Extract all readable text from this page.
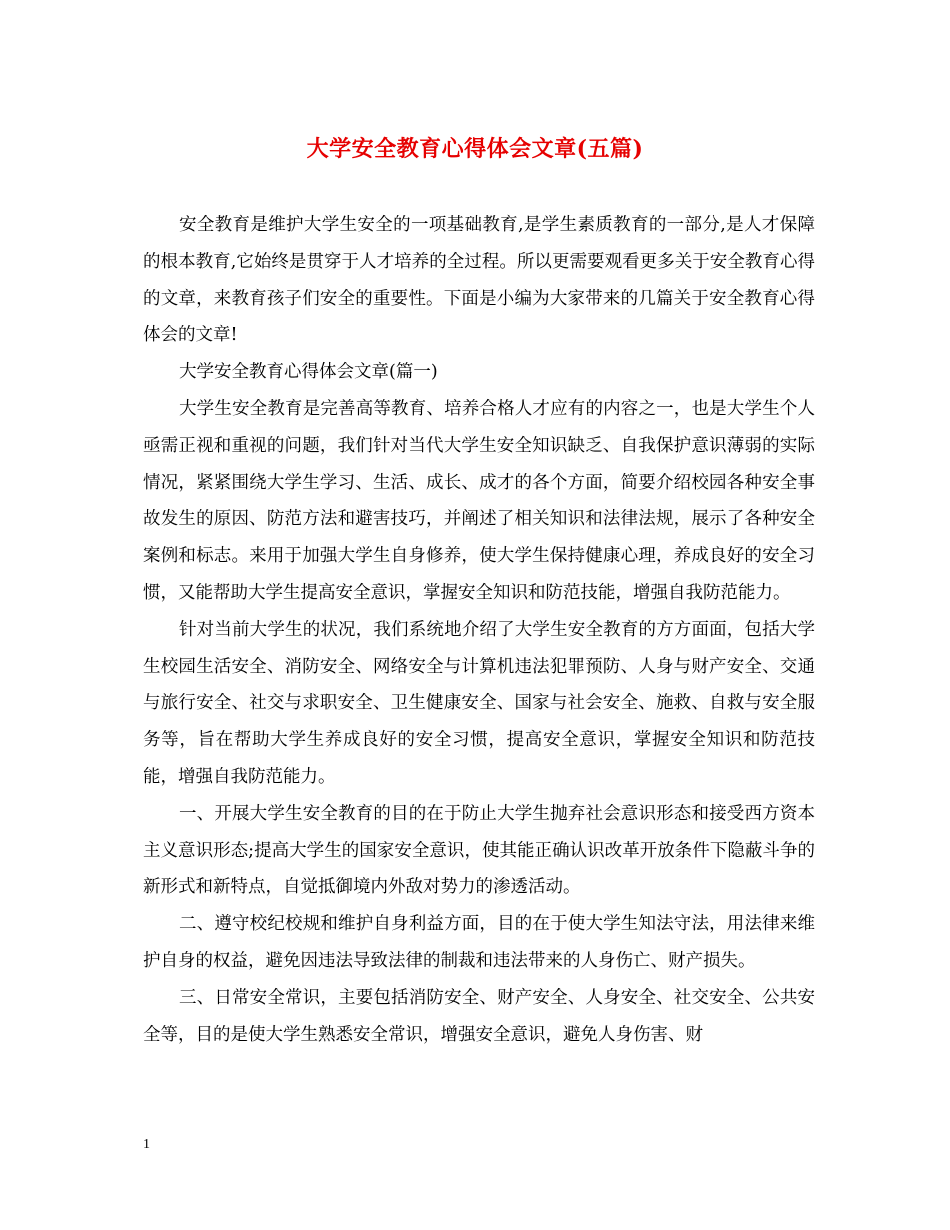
大学安全教育心得体会文章(五篇)

安全教育是维护大学生安全的一项基础教育,是学生素质教育的一部分,是人才保障的根本教育,它始终是贯穿于人才培养的全过程。所以更需要观看更多关于安全教育心得的文章，来教育孩子们安全的重要性。下面是小编为大家带来的几篇关于安全教育心得体会的文章!

大学安全教育心得体会文章(篇一)

大学生安全教育是完善高等教育、培养合格人才应有的内容之一，也是大学生个人亟需正视和重视的问题，我们针对当代大学生安全知识缺乏、自我保护意识薄弱的实际情况，紧紧围绕大学生学习、生活、成长、成才的各个方面，简要介绍校园各种安全事故发生的原因、防范方法和避害技巧，并阐述了相关知识和法律法规，展示了各种安全案例和标志。来用于加强大学生自身修养，使大学生保持健康心理，养成良好的安全习惯，又能帮助大学生提高安全意识，掌握安全知识和防范技能，增强自我防范能力。

针对当前大学生的状况，我们系统地介绍了大学生安全教育的方方面面，包括大学生校园生活安全、消防安全、网络安全与计算机违法犯罪预防、人身与财产安全、交通与旅行安全、社交与求职安全、卫生健康安全、国家与社会安全、施救、自救与安全服务等，旨在帮助大学生养成良好的安全习惯，提高安全意识，掌握安全知识和防范技能，增强自我防范能力。

一、开展大学生安全教育的目的在于防止大学生抛弃社会意识形态和接受西方资本主义意识形态;提高大学生的国家安全意识，使其能正确认识改革开放条件下隐蔽斗争的新形式和新特点，自觉抵御境内外敌对势力的渗透活动。

二、遵守校纪校规和维护自身利益方面，目的在于使大学生知法守法，用法律来维护自身的权益，避免因违法导致法律的制裁和违法带来的人身伤亡、财产损失。

三、日常安全常识，主要包括消防安全、财产安全、人身安全、社交安全、公共安全等，目的是使大学生熟悉安全常识，增强安全意识，避免人身伤害、财

1
